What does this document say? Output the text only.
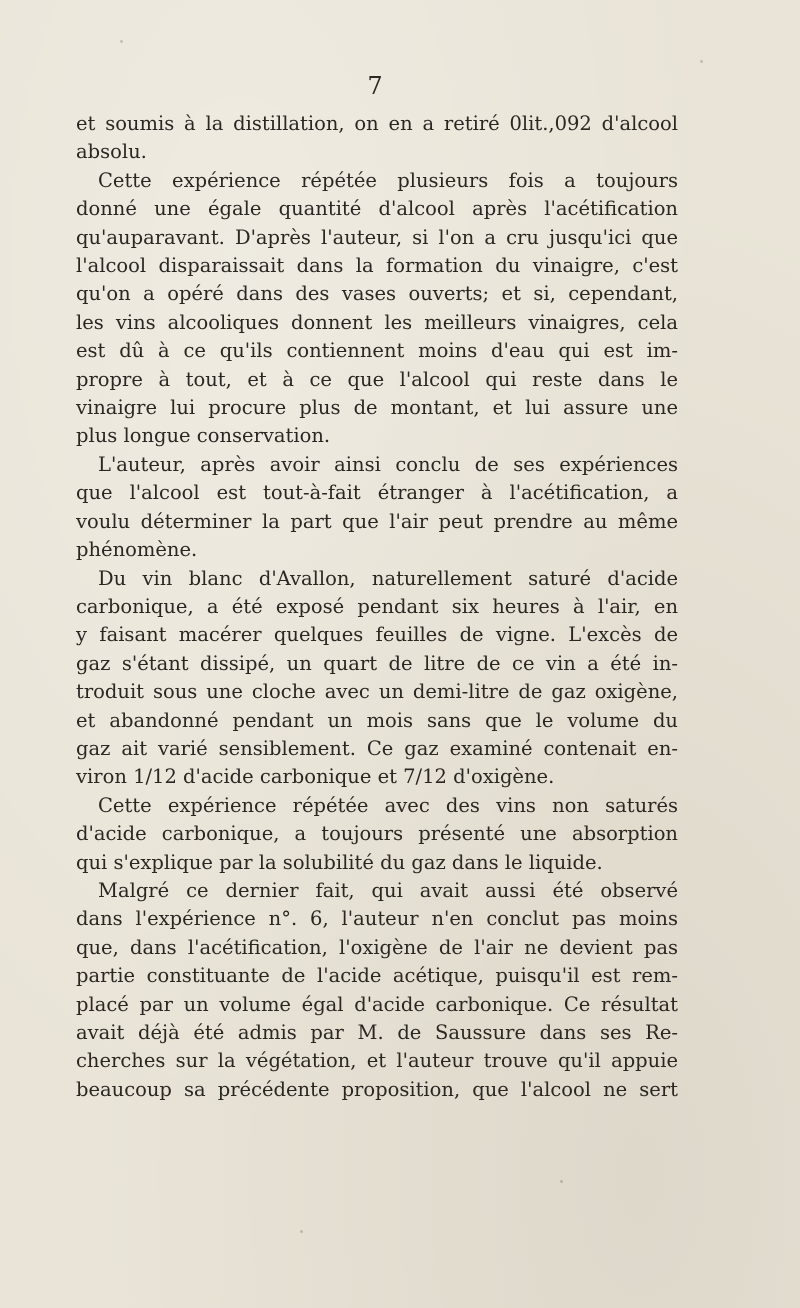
7

et soumis à la distillation, on en a retiré 0lit.,092 d'alcool
absolu.
Cette expérience répétée plusieurs fois a toujours
donné une égale quantité d'alcool après l'acétification
qu'auparavant. D'après l'auteur, si l'on a cru jusqu'ici que
l'alcool disparaissait dans la formation du vinaigre, c'est
qu'on a opéré dans des vases ouverts; et si, cependant,
les vins alcooliques donnent les meilleurs vinaigres, cela
est dû à ce qu'ils contiennent moins d'eau qui est im-
propre à tout, et à ce que l'alcool qui reste dans le
vinaigre lui procure plus de montant, et lui assure une
plus longue conservation.
L'auteur, après avoir ainsi conclu de ses expériences
que l'alcool est tout-à-fait étranger à l'acétification, a
voulu déterminer la part que l'air peut prendre au même
phénomène.
Du vin blanc d'Avallon, naturellement saturé d'acide
carbonique, a été exposé pendant six heures à l'air, en
y faisant macérer quelques feuilles de vigne. L'excès de
gaz s'étant dissipé, un quart de litre de ce vin a été in-
troduit sous une cloche avec un demi-litre de gaz oxigène,
et abandonné pendant un mois sans que le volume du
gaz ait varié sensiblement. Ce gaz examiné contenait en-
viron 1/12 d'acide carbonique et 7/12 d'oxigène.
Cette expérience répétée avec des vins non saturés
d'acide carbonique, a toujours présenté une absorption
qui s'explique par la solubilité du gaz dans le liquide.
Malgré ce dernier fait, qui avait aussi été observé
dans l'expérience n°. 6, l'auteur n'en conclut pas moins
que, dans l'acétification, l'oxigène de l'air ne devient pas
partie constituante de l'acide acétique, puisqu'il est rem-
placé par un volume égal d'acide carbonique. Ce résultat
avait déjà été admis par M. de Saussure dans ses Re-
cherches sur la végétation, et l'auteur trouve qu'il appuie
beaucoup sa précédente proposition, que l'alcool ne sert
